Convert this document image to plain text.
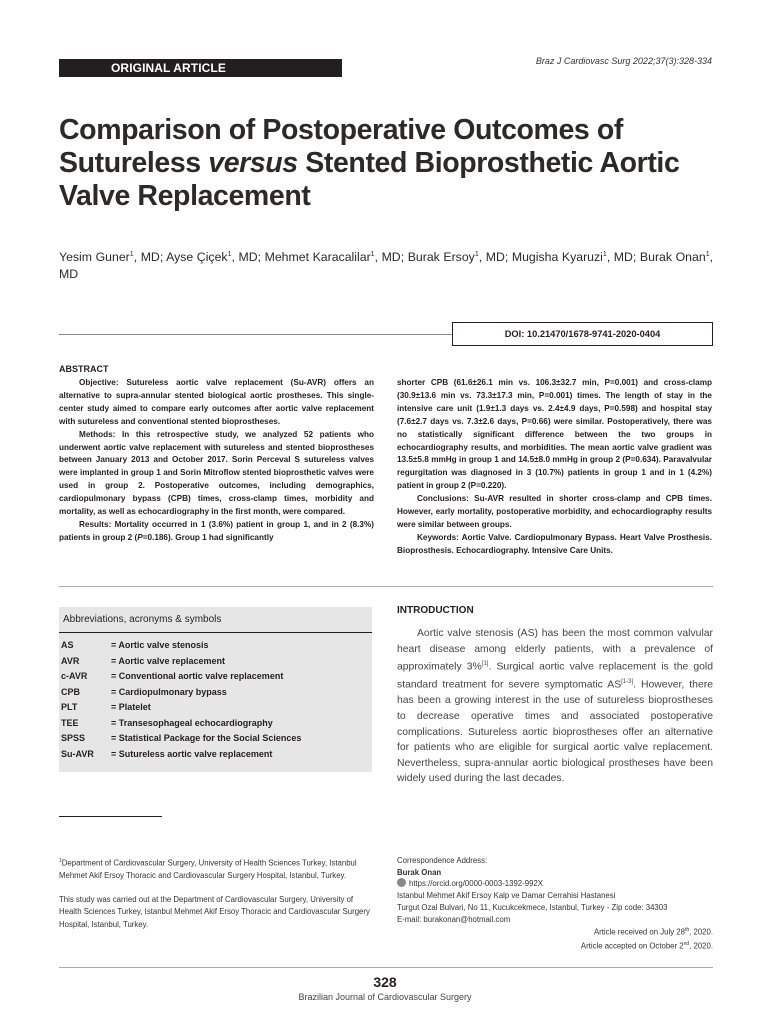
ORIGINAL ARTICLE	Braz J Cardiovasc Surg 2022;37(3):328-334
Comparison of Postoperative Outcomes of Sutureless versus Stented Bioprosthetic Aortic Valve Replacement
Yesim Guner$^1$, MD; Ayse Çiçek$^1$, MD; Mehmet Karacalilar$^1$, MD; Burak Ersoy$^1$, MD; Mugisha Kyaruzi$^1$, MD; Burak Onan$^1$, MD
DOI: 10.21470/1678-9741-2020-0404
ABSTRACT

Objective: Sutureless aortic valve replacement (Su-AVR) offers an alternative to supra-annular stented biological aortic prostheses. This single-center study aimed to compare early outcomes after aortic valve replacement with sutureless and conventional stented bioprostheses.

Methods: In this retrospective study, we analyzed 52 patients who underwent aortic valve replacement with sutureless and stented bioprostheses between January 2013 and October 2017. Sorin Perceval S sutureless valves were implanted in group 1 and Sorin Mitroflow stented bioprosthetic valves were used in group 2. Postoperative outcomes, including demographics, cardiopulmonary bypass (CPB) times, cross-clamp times, morbidity and mortality, as well as echocardiography in the first month, were compared.

Results: Mortality occurred in 1 (3.6%) patient in group 1, and in 2 (8.3%) patients in group 2 (P=0.186). Group 1 had significantly

shorter CPB (61.6±26.1 min vs. 106.3±32.7 min, P=0.001) and cross-clamp (30.9±13.6 min vs. 73.3±17.3 min, P=0.001) times. The length of stay in the intensive care unit (1.9±1.3 days vs. 2.4±4.9 days, P=0.598) and hospital stay (7.6±2.7 days vs. 7.3±2.6 days, P=0.66) were similar. Postoperatively, there was no statistically significant difference between the two groups in echocardiography results, and morbidities. The mean aortic valve gradient was 13.5±5.8 mmHg in group 1 and 14.5±8.0 mmHg in group 2 (P=0.634). Paravalvular regurgitation was diagnosed in 3 (10.7%) patients in group 1 and in 1 (4.2%) patient in group 2 (P=0.220).

Conclusions: Su-AVR resulted in shorter cross-clamp and CPB times. However, early mortality, postoperative morbidity, and echocardiography results were similar between groups.

Keywords: Aortic Valve. Cardiopulmonary Bypass. Heart Valve Prosthesis. Bioprosthesis. Echocardiography. Intensive Care Units.

Abbreviations, acronyms & symbols
AS	= Aortic valve stenosis
AVR	= Aortic valve replacement
c-AVR	= Conventional aortic valve replacement
CPB	= Cardiopulmonary bypass
PLT	= Platelet
TEE	= Transesophageal echocardiography
SPSS	= Statistical Package for the Social Sciences
Su-AVR	= Sutureless aortic valve replacement
INTRODUCTION

Aortic valve stenosis (AS) has been the most common valvular heart disease among elderly patients, with a prevalence of approximately 3%[1]. Surgical aortic valve replacement is the gold standard treatment for severe symptomatic AS[1-3]. However, there has been a growing interest in the use of sutureless bioprostheses to decrease operative times and associated postoperative complications. Sutureless aortic bioprostheses offer an alternative for patients who are eligible for surgical aortic valve replacement. Nevertheless, supra-annular aortic biological prostheses have been widely used during the last decades.

$^1$Department of Cardiovascular Surgery, University of Health Sciences Turkey, Istanbul Mehmet Akif Ersoy Thoracic and Cardiovascular Surgery Hospital, Istanbul, Turkey.

This study was carried out at the Department of Cardiovascular Surgery, University of Health Sciences Turkey, Istanbul Mehmet Akif Ersoy Thoracic and Cardiovascular Surgery Hospital, Istanbul, Turkey.

Correspondence Address:
Burak Onan
https://orcid.org/0000-0003-1392-992X
Istanbul Mehmet Akif Ersoy Kalp ve Damar Cerrahisi Hastanesi
Turgut Ozal Bulvari, No 11, Kucukcekmece, Istanbul, Turkey - Zip code: 34303
E-mail: burakonan@hotmail.com
Article received on July 28th, 2020.
Article accepted on October 2nd, 2020.
328
Brazilian Journal of Cardiovascular Surgery
